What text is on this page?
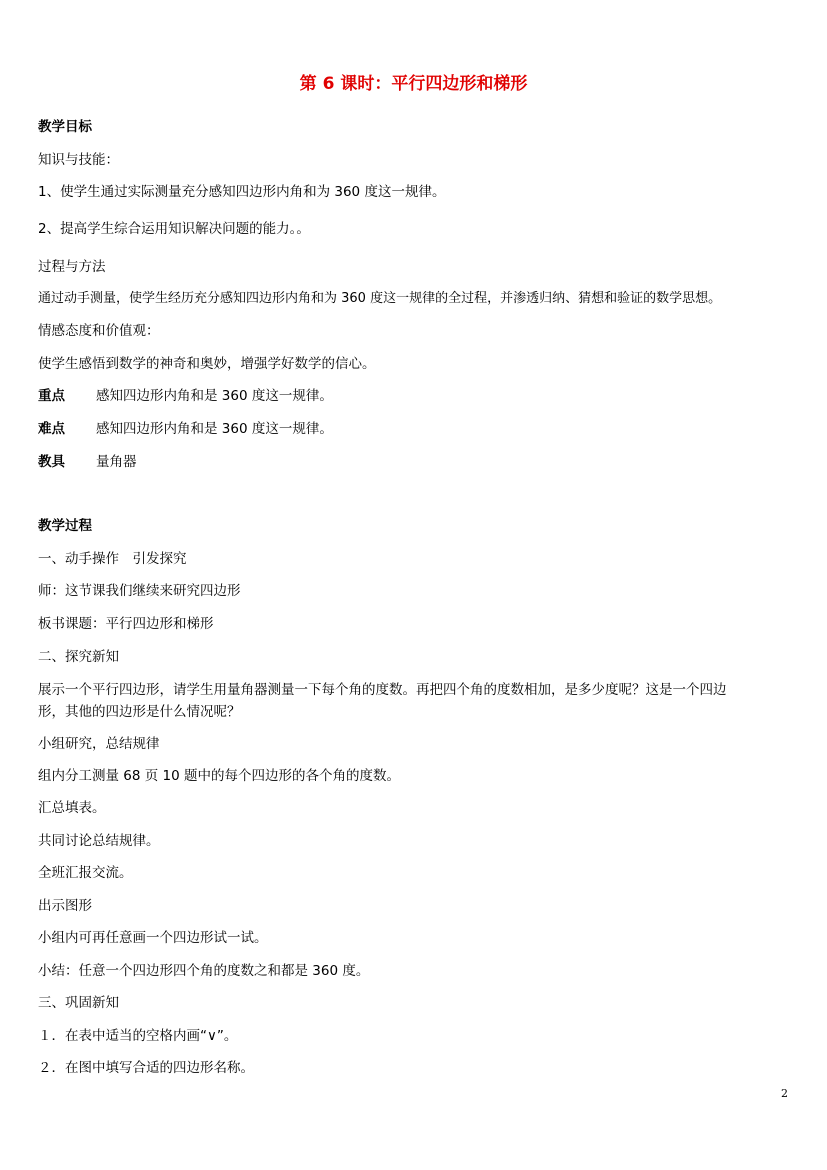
第 6 课时：平行四边形和梯形
教学目标
知识与技能：
1、使学生通过实际测量充分感知四边形内角和为 360 度这一规律。
2、提高学生综合运用知识解决问题的能力。。
过程与方法
通过动手测量，使学生经历充分感知四边形内角和为 360 度这一规律的全过程，并渗透归纳、猜想和验证的数学思想。
情感态度和价值观：
使学生感悟到数学的神奇和奥妙，增强学好数学的信心。
重点 感知四边形内角和是 360 度这一规律。
难点 感知四边形内角和是 360 度这一规律。
教具 量角器
教学过程
一、动手操作　引发探究
师：这节课我们继续来研究四边形
板书课题：平行四边形和梯形
二、探究新知
展示一个平行四边形，请学生用量角器测量一下每个角的度数。再把四个角的度数相加，是多少度呢？这是一个四边
形，其他的四边形是什么情况呢？
小组研究，总结规律
组内分工测量 68 页 10 题中的每个四边形的各个角的度数。
汇总填表。
共同讨论总结规律。
全班汇报交流。
出示图形
小组内可再任意画一个四边形试一试。
小结：任意一个四边形四个角的度数之和都是 360 度。
三、巩固新知
１．在表中适当的空格内画“∨”。
２．在图中填写合适的四边形名称。
2
